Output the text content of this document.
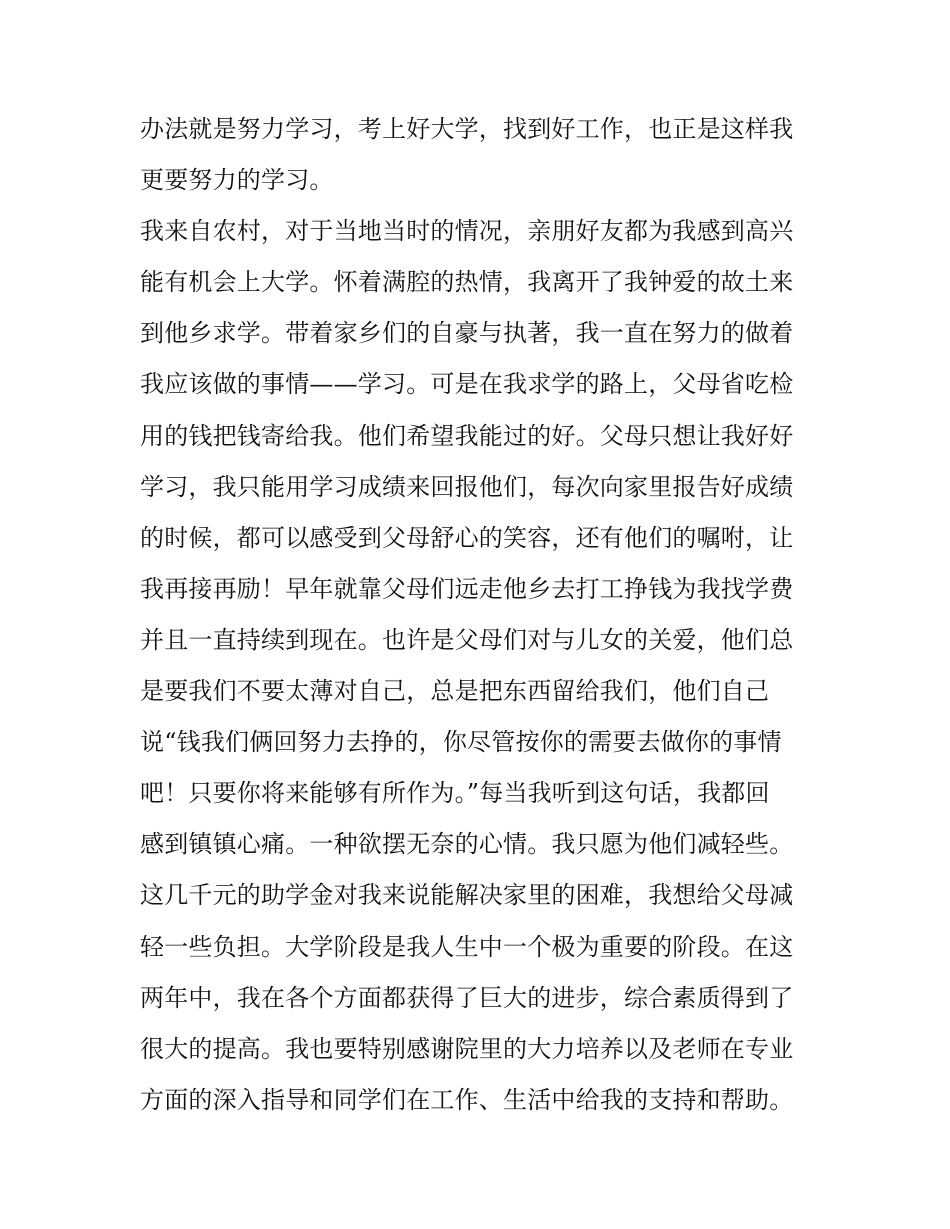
办法就是努力学习，考上好大学，找到好工作，也正是这样我
更要努力的学习。
我来自农村，对于当地当时的情况，亲朋好友都为我感到高兴
能有机会上大学。怀着满腔的热情，我离开了我钟爱的故土来
到他乡求学。带着家乡们的自豪与执著，我一直在努力的做着
我应该做的事情——学习。可是在我求学的路上，父母省吃检
用的钱把钱寄给我。他们希望我能过的好。父母只想让我好好
学习，我只能用学习成绩来回报他们，每次向家里报告好成绩
的时候，都可以感受到父母舒心的笑容，还有他们的嘱咐，让
我再接再励！早年就靠父母们远走他乡去打工挣钱为我找学费
并且一直持续到现在。也许是父母们对与儿女的关爱，他们总
是要我们不要太薄对自己，总是把东西留给我们，他们自己
说“钱我们俩回努力去挣的，你尽管按你的需要去做你的事情
吧！只要你将来能够有所作为。”每当我听到这句话，我都回
感到镇镇心痛。一种欲摆无奈的心情。我只愿为他们减轻些。
这几千元的助学金对我来说能解决家里的困难，我想给父母减
轻一些负担。大学阶段是我人生中一个极为重要的阶段。在这
两年中，我在各个方面都获得了巨大的进步，综合素质得到了
很大的提高。我也要特别感谢院里的大力培养以及老师在专业
方面的深入指导和同学们在工作、生活中给我的支持和帮助。
